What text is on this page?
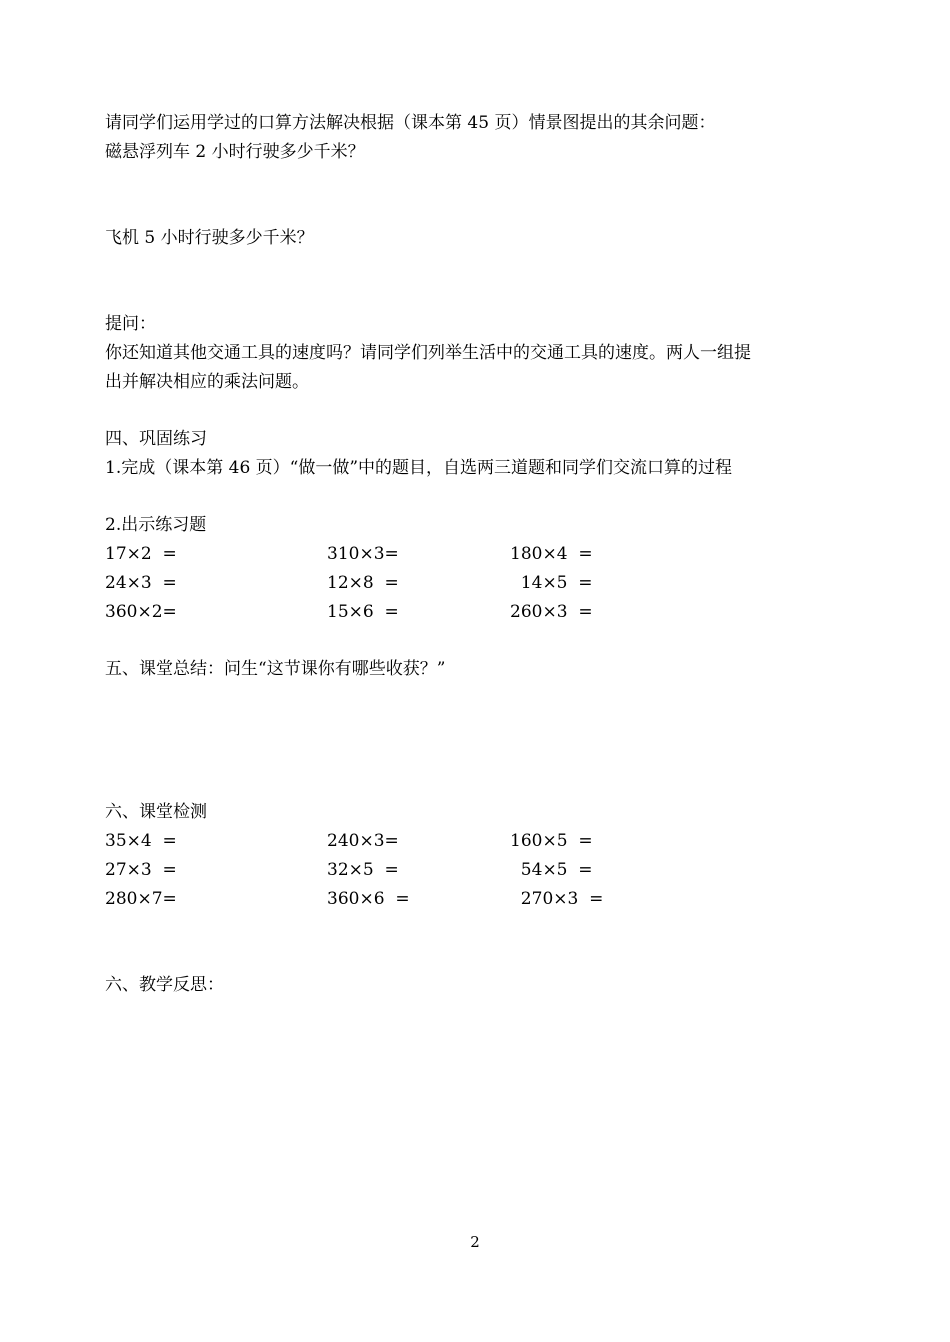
请同学们运用学过的口算方法解决根据（课本第 45 页）情景图提出的其余问题：
磁悬浮列车 2 小时行驶多少千米？
飞机 5 小时行驶多少千米？
提问：
你还知道其他交通工具的速度吗？请同学们列举生活中的交通工具的速度。两人一组提
出并解决相应的乘法问题。
四、巩固练习
1.完成（课本第 46 页）“做一做”中的题目，自选两三道题和同学们交流口算的过程
2.出示练习题
17×2  =	310×3=	180×4  =
24×3  =	12×8  =	14×5  =
360×2=	15×6  =	260×3  =
五、课堂总结：问生“这节课你有哪些收获？”
六、课堂检测
35×4  =	240×3=	160×5  =
27×3  =	32×5  =	54×5  =
280×7=	360×6  =	270×3  =
六、教学反思：
2
